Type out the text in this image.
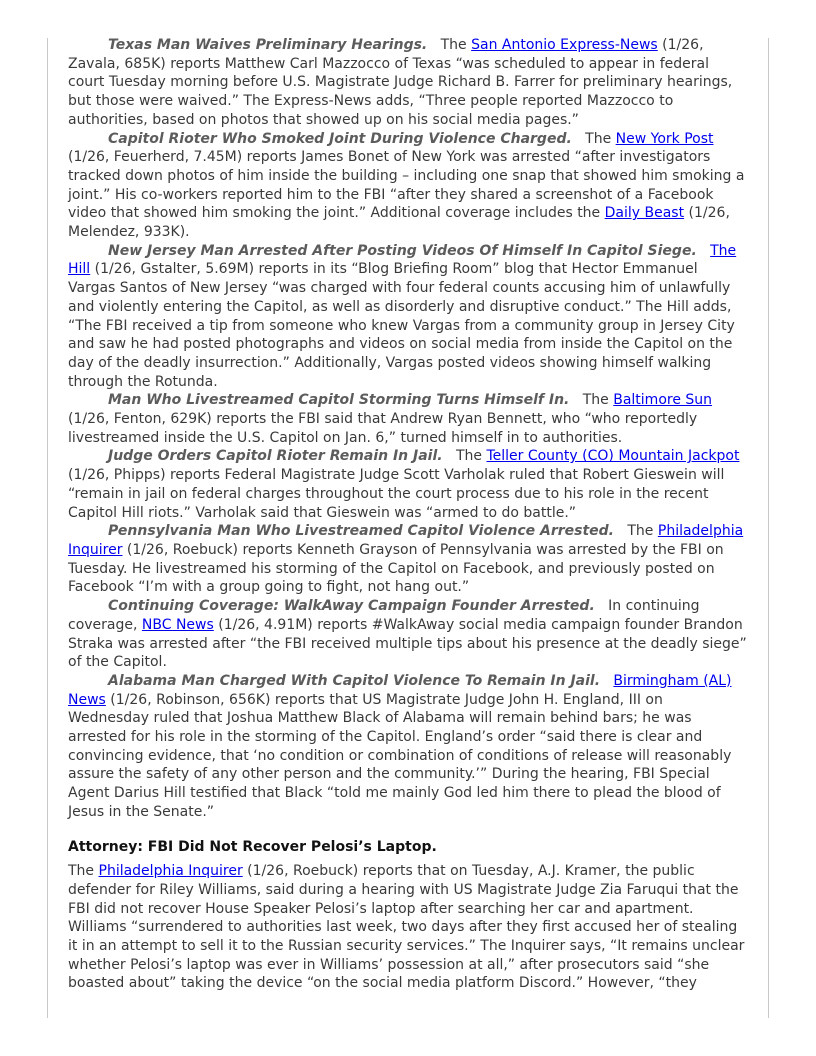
Texas Man Waives Preliminary Hearings. The San Antonio Express-News (1/26, Zavala, 685K) reports Matthew Carl Mazzocco of Texas “was scheduled to appear in federal court Tuesday morning before U.S. Magistrate Judge Richard B. Farrer for preliminary hearings, but those were waived.” The Express-News adds, “Three people reported Mazzocco to authorities, based on photos that showed up on his social media pages.”

Capitol Rioter Who Smoked Joint During Violence Charged. The New York Post (1/26, Feuerherd, 7.45M) reports James Bonet of New York was arrested “after investigators tracked down photos of him inside the building – including one snap that showed him smoking a joint.” His co-workers reported him to the FBI “after they shared a screenshot of a Facebook video that showed him smoking the joint.” Additional coverage includes the Daily Beast (1/26, Melendez, 933K).

New Jersey Man Arrested After Posting Videos Of Himself In Capitol Siege. The Hill (1/26, Gstalter, 5.69M) reports in its “Blog Briefing Room” blog that Hector Emmanuel Vargas Santos of New Jersey “was charged with four federal counts accusing him of unlawfully and violently entering the Capitol, as well as disorderly and disruptive conduct.” The Hill adds, “The FBI received a tip from someone who knew Vargas from a community group in Jersey City and saw he had posted photographs and videos on social media from inside the Capitol on the day of the deadly insurrection.” Additionally, Vargas posted videos showing himself walking through the Rotunda.

Man Who Livestreamed Capitol Storming Turns Himself In. The Baltimore Sun (1/26, Fenton, 629K) reports the FBI said that Andrew Ryan Bennett, who “who reportedly livestreamed inside the U.S. Capitol on Jan. 6,” turned himself in to authorities.

Judge Orders Capitol Rioter Remain In Jail. The Teller County (CO) Mountain Jackpot (1/26, Phipps) reports Federal Magistrate Judge Scott Varholak ruled that Robert Gieswein will “remain in jail on federal charges throughout the court process due to his role in the recent Capitol Hill riots.” Varholak said that Gieswein was “armed to do battle.”

Pennsylvania Man Who Livestreamed Capitol Violence Arrested. The Philadelphia Inquirer (1/26, Roebuck) reports Kenneth Grayson of Pennsylvania was arrested by the FBI on Tuesday. He livestreamed his storming of the Capitol on Facebook, and previously posted on Facebook “I’m with a group going to fight, not hang out.”

Continuing Coverage: WalkAway Campaign Founder Arrested. In continuing coverage, NBC News (1/26, 4.91M) reports #WalkAway social media campaign founder Brandon Straka was arrested after “the FBI received multiple tips about his presence at the deadly siege” of the Capitol.

Alabama Man Charged With Capitol Violence To Remain In Jail. Birmingham (AL) News (1/26, Robinson, 656K) reports that US Magistrate Judge John H. England, III on Wednesday ruled that Joshua Matthew Black of Alabama will remain behind bars; he was arrested for his role in the storming of the Capitol. England’s order “said there is clear and convincing evidence, that ‘no condition or combination of conditions of release will reasonably assure the safety of any other person and the community.’” During the hearing, FBI Special Agent Darius Hill testified that Black “told me mainly God led him there to plead the blood of Jesus in the Senate.”

Attorney: FBI Did Not Recover Pelosi’s Laptop.

The Philadelphia Inquirer (1/26, Roebuck) reports that on Tuesday, A.J. Kramer, the public defender for Riley Williams, said during a hearing with US Magistrate Judge Zia Faruqui that the FBI did not recover House Speaker Pelosi’s laptop after searching her car and apartment. Williams “surrendered to authorities last week, two days after they first accused her of stealing it in an attempt to sell it to the Russian security services.” The Inquirer says, “It remains unclear whether Pelosi’s laptop was ever in Williams’ possession at all,” after prosecutors said “she boasted about” taking the device “on the social media platform Discord.” However, “they
